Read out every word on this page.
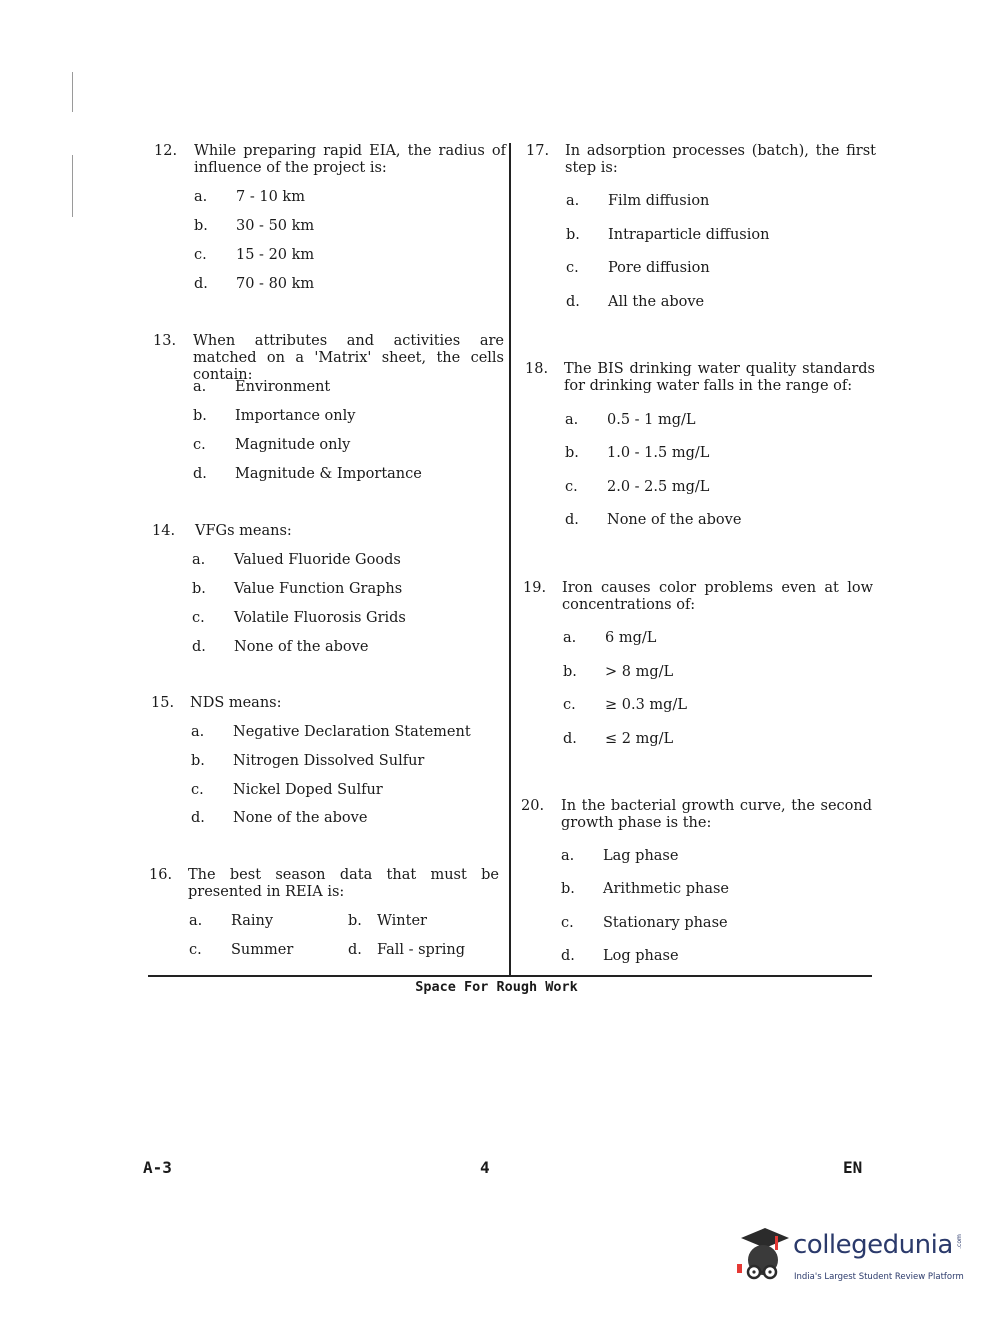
12. While preparing rapid EIA, the radius of influence of the project is:
a. 7 - 10 km
b. 30 - 50 km
c. 15 - 20 km
d. 70 - 80 km
13. When attributes and activities are matched on a 'Matrix' sheet, the cells contain:
a. Environment
b. Importance only
c. Magnitude only
d. Magnitude & Importance
14. VFGs means:
a. Valued Fluoride Goods
b. Value Function Graphs
c. Volatile Fluorosis Grids
d. None of the above
15. NDS means:
a. Negative Declaration Statement
b. Nitrogen Dissolved Sulfur
c. Nickel Doped Sulfur
d. None of the above
16. The best season data that must be presented in REIA is:
a. Rainy	b. Winter
c. Summer	d. Fall - spring
17. In adsorption processes (batch), the first step is:
a. Film diffusion
b. Intraparticle diffusion
c. Pore diffusion
d. All the above
18. The BIS drinking water quality standards for drinking water falls in the range of:
a. 0.5 - 1 mg/L
b. 1.0 - 1.5 mg/L
c. 2.0 - 2.5 mg/L
d. None of the above
19. Iron causes color problems even at low concentrations of:
a. 6 mg/L
b. > 8 mg/L
c. ≥ 0.3 mg/L
d. ≤ 2 mg/L
20. In the bacterial growth curve, the second growth phase is the:
a. Lag phase
b. Arithmetic phase
c. Stationary phase
d. Log phase
Space For Rough Work
A-3	4	EN
collegedunia .com
India's Largest Student Review Platform
